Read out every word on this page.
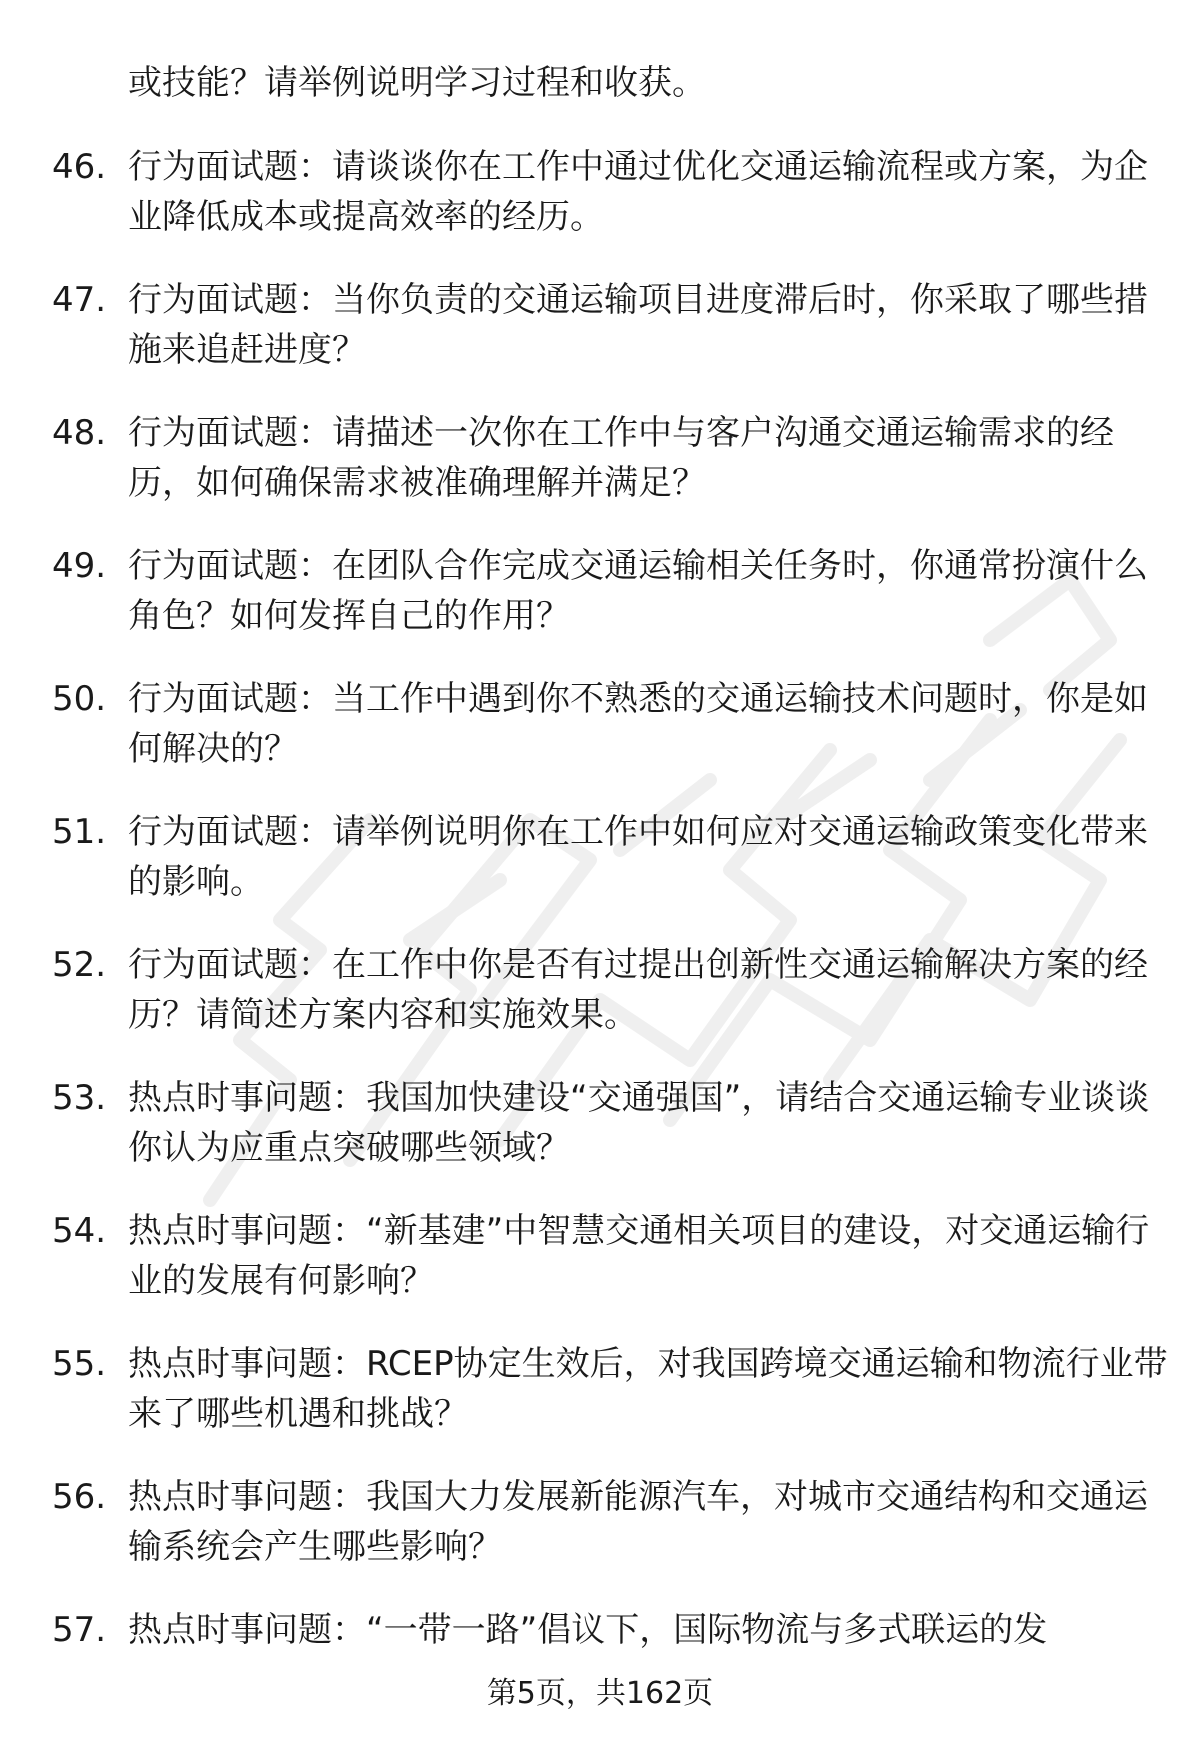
或技能？请举例说明学习过程和收获。
46. 行为面试题：请谈谈你在工作中通过优化交通运输流程或方案，为企业降低成本或提高效率的经历。
47. 行为面试题：当你负责的交通运输项目进度滞后时，你采取了哪些措施来追赶进度？
48. 行为面试题：请描述一次你在工作中与客户沟通交通运输需求的经历，如何确保需求被准确理解并满足？
49. 行为面试题：在团队合作完成交通运输相关任务时，你通常扮演什么角色？如何发挥自己的作用？
50. 行为面试题：当工作中遇到你不熟悉的交通运输技术问题时，你是如何解决的？
51. 行为面试题：请举例说明你在工作中如何应对交通运输政策变化带来的影响。
52. 行为面试题：在工作中你是否有过提出创新性交通运输解决方案的经历？请简述方案内容和实施效果。
53. 热点时事问题：我国加快建设“交通强国”，请结合交通运输专业谈谈你认为应重点突破哪些领域？
54. 热点时事问题：“新基建”中智慧交通相关项目的建设，对交通运输行业的发展有何影响？
55. 热点时事问题：RCEP协定生效后，对我国跨境交通运输和物流行业带来了哪些机遇和挑战？
56. 热点时事问题：我国大力发展新能源汽车，对城市交通结构和交通运输系统会产生哪些影响？
57. 热点时事问题：“一带一路”倡议下，国际物流与多式联运的发
第5页，共162页
